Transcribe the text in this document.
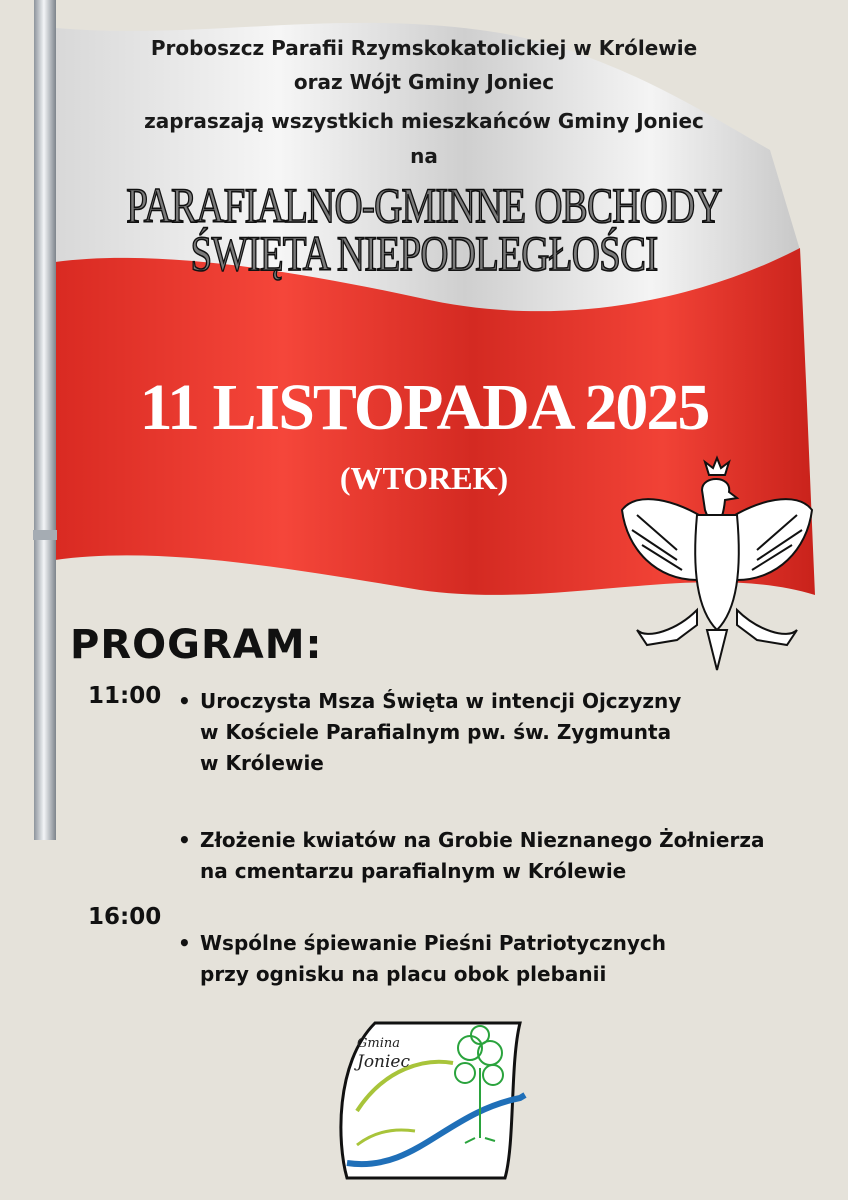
Proboszcz Parafii Rzymskokatolickiej w Królewie
oraz Wójt Gminy Joniec
zapraszają wszystkich mieszkańców Gminy Joniec
na
PARAFIALNO-GMINNE OBCHODY
ŚWIĘTA NIEPODLEGŁOŚCI
11 LISTOPADA 2025
(WTOREK)
PROGRAM:
11:00
16:00
• Uroczysta Msza Święta w intencji Ojczyzny
w Kościele Parafialnym pw. św. Zygmunta
w Królewie
• Złożenie kwiatów na Grobie Nieznanego Żołnierza
na cmentarzu parafialnym w Królewie
• Wspólne śpiewanie Pieśni Patriotycznych
przy ognisku na placu obok plebanii
Gmina
Joniec
